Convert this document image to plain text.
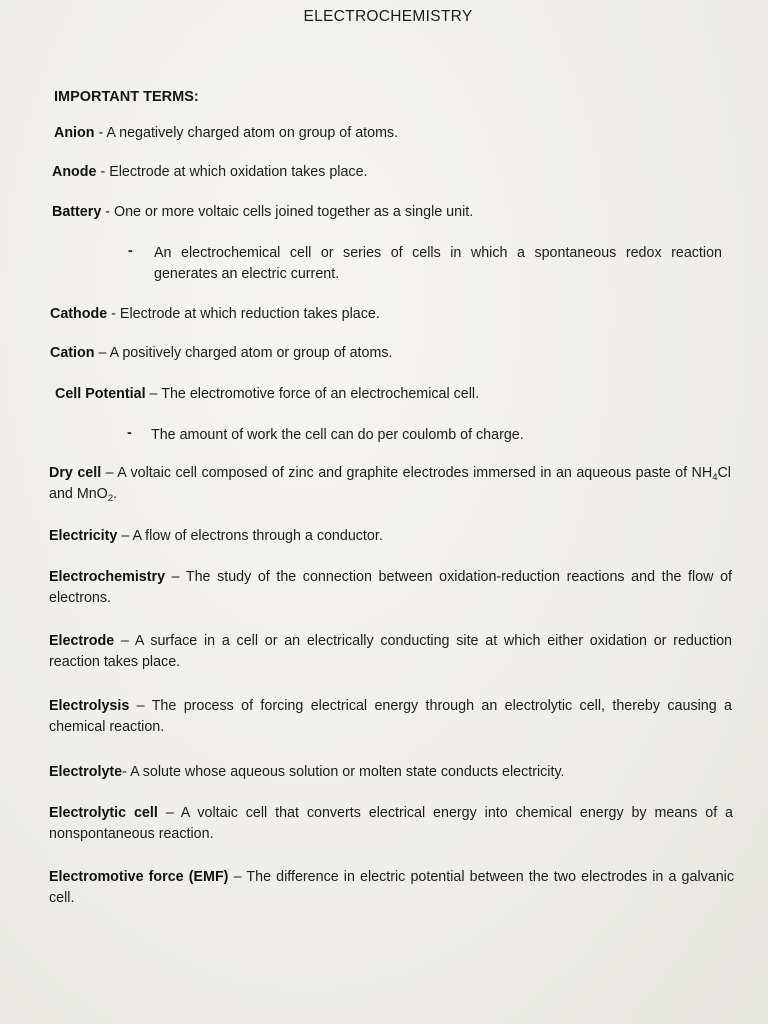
ELECTROCHEMISTRY
IMPORTANT TERMS:
Anion - A negatively charged atom on group of atoms.
Anode - Electrode at which oxidation takes place.
Battery - One or more voltaic cells joined together as a single unit.
- An electrochemical cell or series of cells in which a spontaneous redox reaction generates an electric current.
Cathode - Electrode at which reduction takes place.
Cation – A positively charged atom or group of atoms.
Cell Potential – The electromotive force of an electrochemical cell.
- The amount of work the cell can do per coulomb of charge.
Dry cell – A voltaic cell composed of zinc and graphite electrodes immersed in an aqueous paste of $NH_4Cl$ and MnO$_2$.
Electricity – A flow of electrons through a conductor.
Electrochemistry – The study of the connection between oxidation-reduction reactions and the flow of electrons.
Electrode – A surface in a cell or an electrically conducting site at which either oxidation or reduction reaction takes place.
Electrolysis – The process of forcing electrical energy through an electrolytic cell, thereby causing a chemical reaction.
Electrolyte- A solute whose aqueous solution or molten state conducts electricity.
Electrolytic cell – A voltaic cell that converts electrical energy into chemical energy by means of a nonspontaneous reaction.
Electromotive force (EMF) – The difference in electric potential between the two electrodes in a galvanic cell.
